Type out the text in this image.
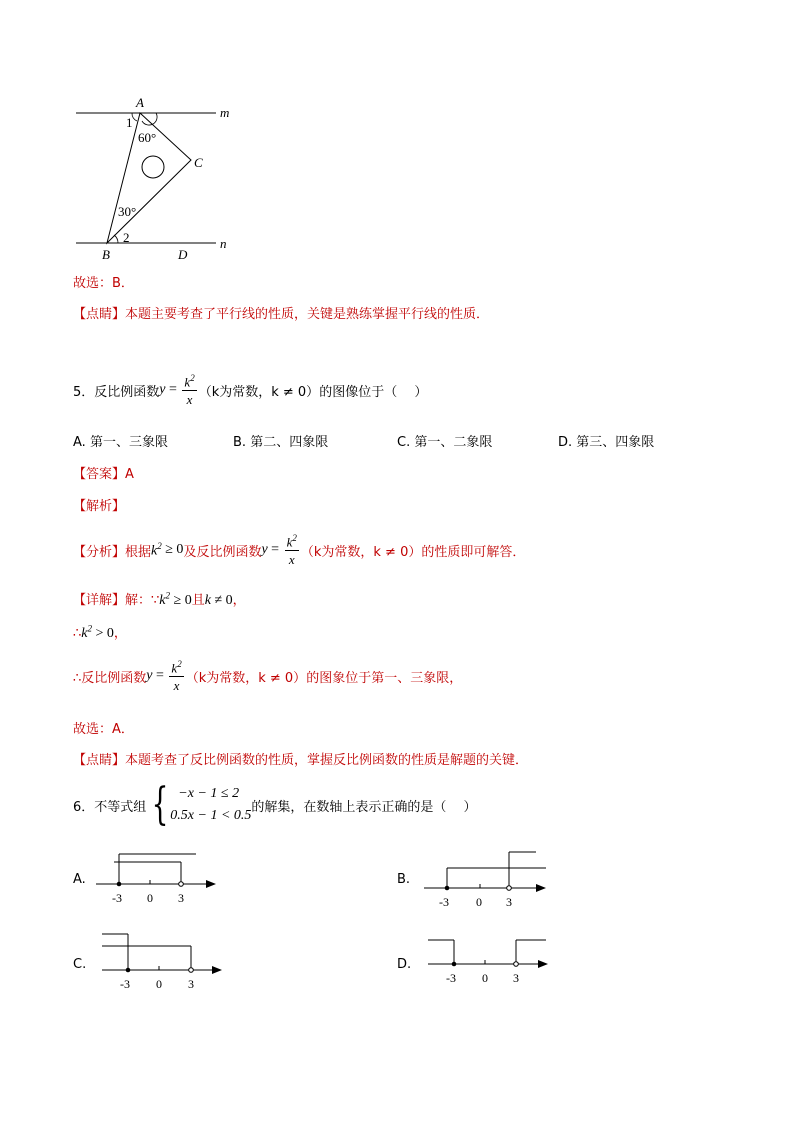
A
m
1
60°
C
30°
2
B	D
n
故选：B．
【点睛】本题主要考查了平行线的性质，关键是熟练掌握平行线的性质．
5．反比例函数 $y = \frac{k^2}{x} (k$为常数，k ≠ 0） 的图像位于（　 ）
A. 第一、三象限	B. 第二、四象限	C. 第一、二象限	D. 第三、四象限
【答案】A
【解析】
【分析】 根据 $k^2 \ge 0$ 及反比例函数 $y = \frac{k^2}{x} (k$为常数，k ≠ 0） 的性质即可解答．
【详解】解：$\because k^2 \ge 0$且k ≠ 0，
$\therefore k^2 > 0$，
∴反比例函数 $y = \frac{k^2}{x} (k$为常数，k ≠ 0） 的图象位于第一、三象限，
故选：A．
【点睛】本题考查了反比例函数的性质，掌握反比例函数的性质是解题的关键．
6．不等式组 { −x − 1 ≤ 2
0.5x − 1 < 0.5
的解集，在数轴上表示正确的是（　 ）
A.
-3 0 3
B.
-3 0 3
C.
-3 0 3
D.
-3 0 3
